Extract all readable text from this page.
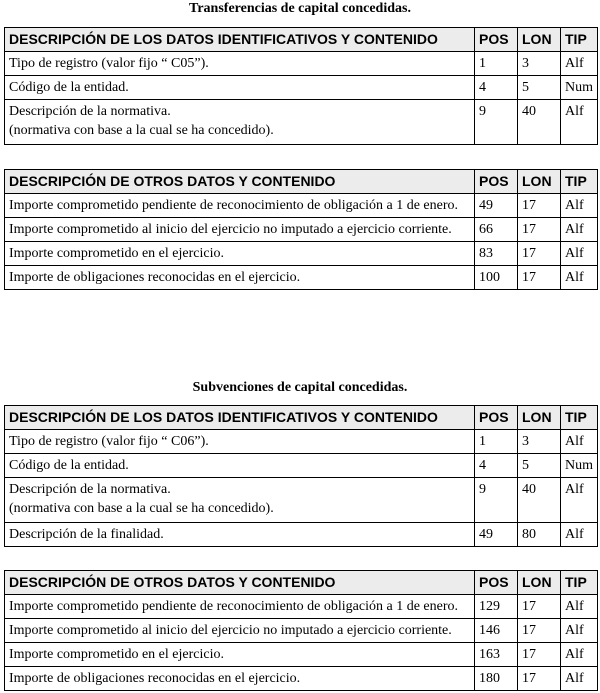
Transferencias de capital concedidas.
DESCRIPCIÓN DE LOS DATOS IDENTIFICATIVOS Y CONTENIDO	POS	LON	TIP

Tipo de registro (valor fijo “ C05”).	1	3	Alf

Código de la entidad.	4	5	Num

Descripción de la normativa.
(normativa con base a la cual se ha concedido).	9	40	Alf
DESCRIPCIÓN DE OTROS DATOS Y CONTENIDO	POS	LON	TIP

Importe comprometido pendiente de reconocimiento de obligación a 1 de enero.	49	17	Alf

Importe comprometido al inicio del ejercicio no imputado a ejercicio corriente.	66	17	Alf

Importe comprometido en el ejercicio.	83	17	Alf

Importe de obligaciones reconocidas en el ejercicio.	100	17	Alf
Subvenciones de capital concedidas.
DESCRIPCIÓN DE LOS DATOS IDENTIFICATIVOS Y CONTENIDO	POS	LON	TIP

Tipo de registro (valor fijo “ C06”).	1	3	Alf

Código de la entidad.	4	5	Num

Descripción de la normativa.
(normativa con base a la cual se ha concedido).	9	40	Alf

Descripción de la finalidad.	49	80	Alf
DESCRIPCIÓN DE OTROS DATOS Y CONTENIDO	POS	LON	TIP

Importe comprometido pendiente de reconocimiento de obligación a 1 de enero.	129	17	Alf

Importe comprometido al inicio del ejercicio no imputado a ejercicio corriente.	146	17	Alf

Importe comprometido en el ejercicio.	163	17	Alf

Importe de obligaciones reconocidas en el ejercicio.	180	17	Alf
